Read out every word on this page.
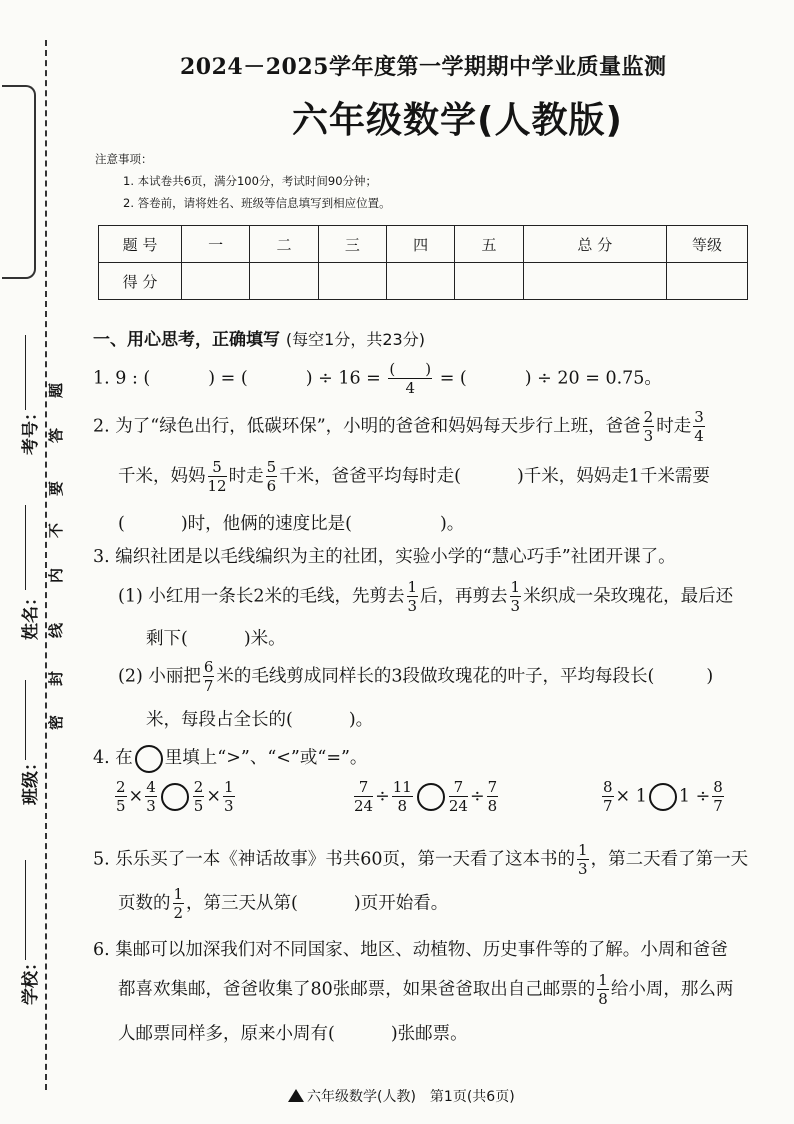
考号：
姓名：
班级：
学校：
题
答
要
不
内
线
封
密
2024－2025学年度第一学期期中学业质量监测
六年级数学(人教版)
注意事项：
1. 本试卷共6页，满分100分，考试时间90分钟；
2. 答卷前，请将姓名、班级等信息填写到相应位置。
题 号	一	二	三	四	五	总 分	等级
得 分							
一、用心思考，正确填写 (每空1分，共23分)
1. 9 : (	) = (	) ÷ $16 = \frac{( )}{4}$ = (	) ÷ 20 = 0.75。
2. 为了“绿色出行，低碳环保”，小明的爸爸和妈妈每天步行上班，爸爸 $\frac{2}{3}$ 时走 $\frac{3}{4}$
千米，妈妈 $\frac{5}{12}$ 时走 $\frac{5}{6}$ 千米，爸爸平均每时走(	)千米，妈妈走1千米需要
(	)时，他俩的速度比是(	)。
3. 编织社团是以毛线编织为主的社团，实验小学的“慧心巧手”社团开课了。
(1) 小红用一条长2米的毛线，先剪去 $\frac{1}{3}$ 后，再剪去 $\frac{1}{3}$ 米织成一朵玫瑰花，最后还
剩下(	)米。
(2) 小丽把 $\frac{6}{7}$ 米的毛线剪成同样长的3段做玫瑰花的叶子，平均每段长(	)
米，每段占全长的(	)。
4. 在 里填上“>”、“<”或“=”。
$\frac{2}{5} \times \frac{4}{3} \frac{2}{5} \times \frac{1}{3}$	$\frac{7}{24} \div \frac{11}{8} \frac{7}{24} \div \frac{7}{8}$	$\frac{8}{7} \times 1$ $1 \div \frac{8}{7}$
5. 乐乐买了一本《神话故事》书共60页，第一天看了这本书的 $\frac{1}{3}$ ，第二天看了第一天
页数的 $\frac{1}{2}$ ，第三天从第(	)页开始看。
6. 集邮可以加深我们对不同国家、地区、动植物、历史事件等的了解。小周和爸爸
都喜欢集邮，爸爸收集了80张邮票，如果爸爸取出自己邮票的 $\frac{1}{8}$ 给小周，那么两
人邮票同样多，原来小周有(	)张邮票。
六年级数学(人教)　第1页(共6页)
